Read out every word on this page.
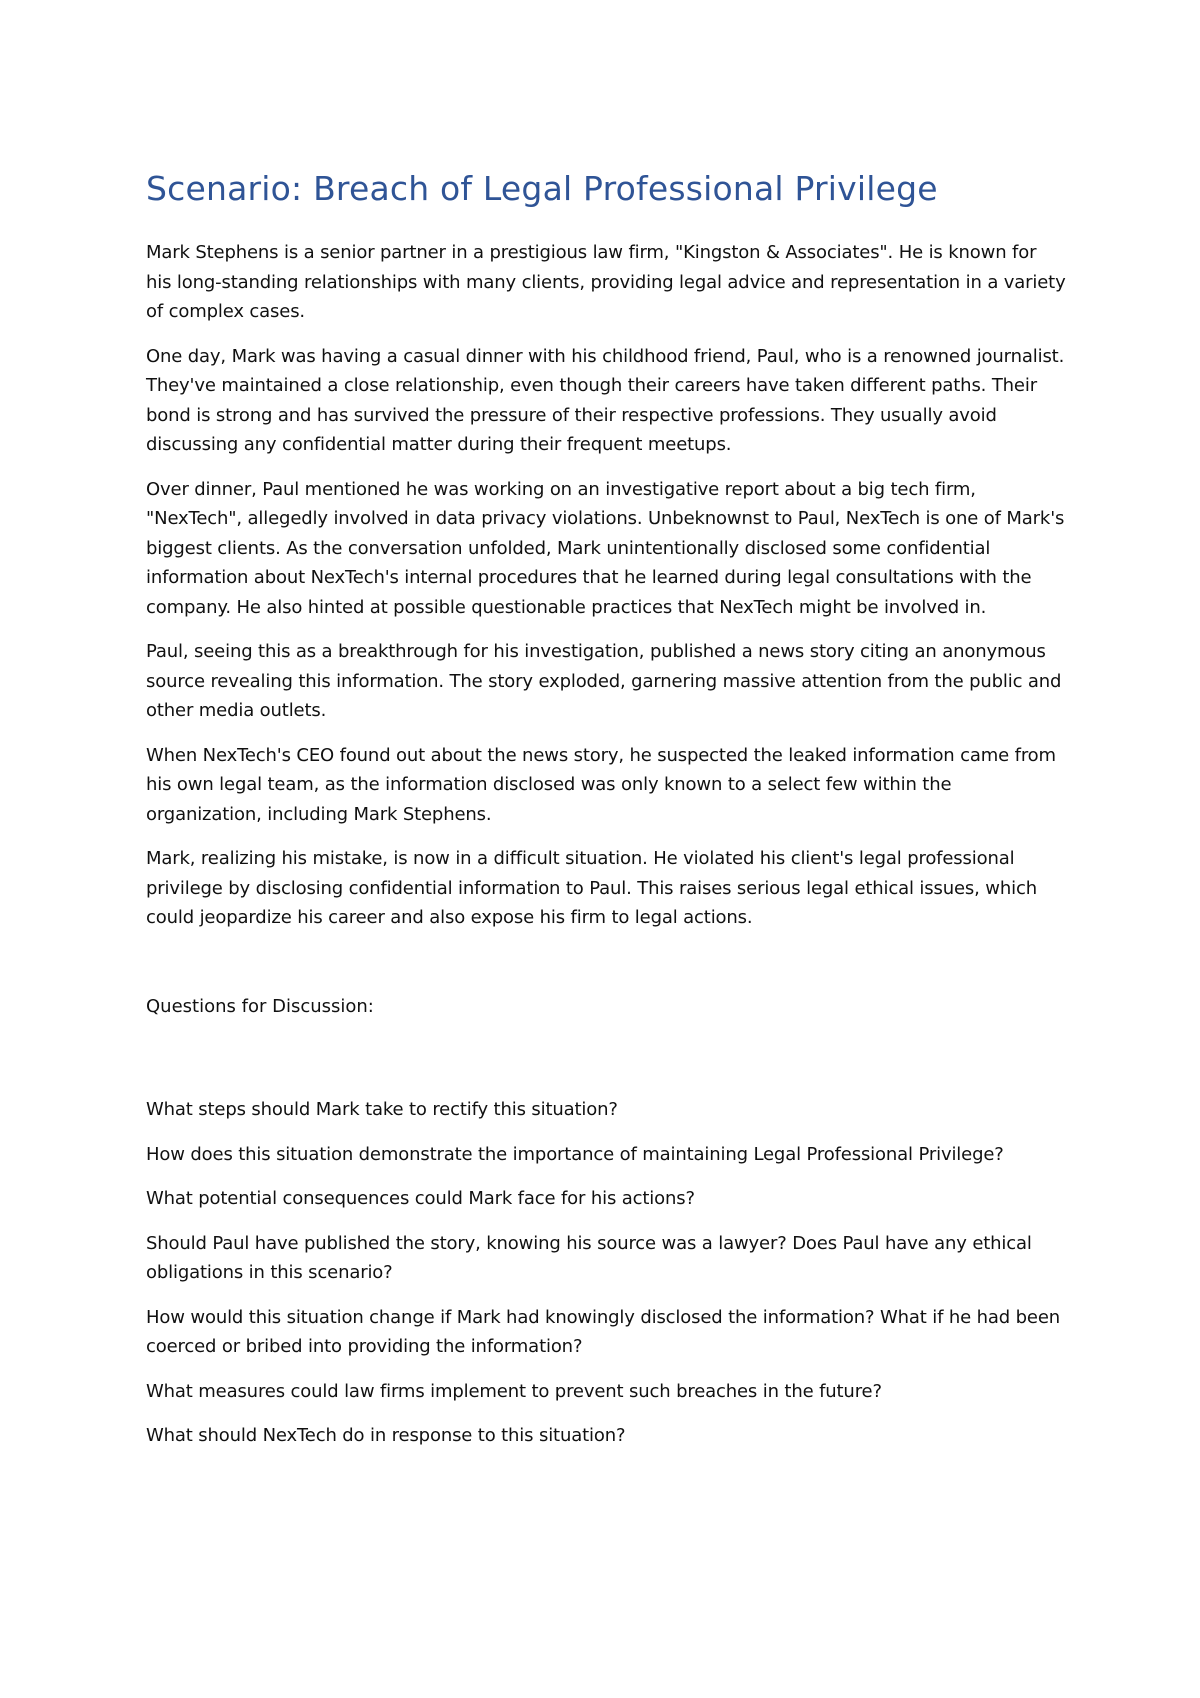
Scenario: Breach of Legal Professional Privilege

Mark Stephens is a senior partner in a prestigious law firm, "Kingston & Associates". He is known for his long-standing relationships with many clients, providing legal advice and representation in a variety of complex cases.

One day, Mark was having a casual dinner with his childhood friend, Paul, who is a renowned journalist. They've maintained a close relationship, even though their careers have taken different paths. Their bond is strong and has survived the pressure of their respective professions. They usually avoid discussing any confidential matter during their frequent meetups.

Over dinner, Paul mentioned he was working on an investigative report about a big tech firm, "NexTech", allegedly involved in data privacy violations. Unbeknownst to Paul, NexTech is one of Mark's biggest clients. As the conversation unfolded, Mark unintentionally disclosed some confidential information about NexTech's internal procedures that he learned during legal consultations with the company. He also hinted at possible questionable practices that NexTech might be involved in.

Paul, seeing this as a breakthrough for his investigation, published a news story citing an anonymous source revealing this information. The story exploded, garnering massive attention from the public and other media outlets.

When NexTech's CEO found out about the news story, he suspected the leaked information came from his own legal team, as the information disclosed was only known to a select few within the organization, including Mark Stephens.

Mark, realizing his mistake, is now in a difficult situation. He violated his client's legal professional privilege by disclosing confidential information to Paul. This raises serious legal ethical issues, which could jeopardize his career and also expose his firm to legal actions.

Questions for Discussion:

What steps should Mark take to rectify this situation?

How does this situation demonstrate the importance of maintaining Legal Professional Privilege?

What potential consequences could Mark face for his actions?

Should Paul have published the story, knowing his source was a lawyer? Does Paul have any ethical obligations in this scenario?

How would this situation change if Mark had knowingly disclosed the information? What if he had been coerced or bribed into providing the information?

What measures could law firms implement to prevent such breaches in the future?

What should NexTech do in response to this situation?
